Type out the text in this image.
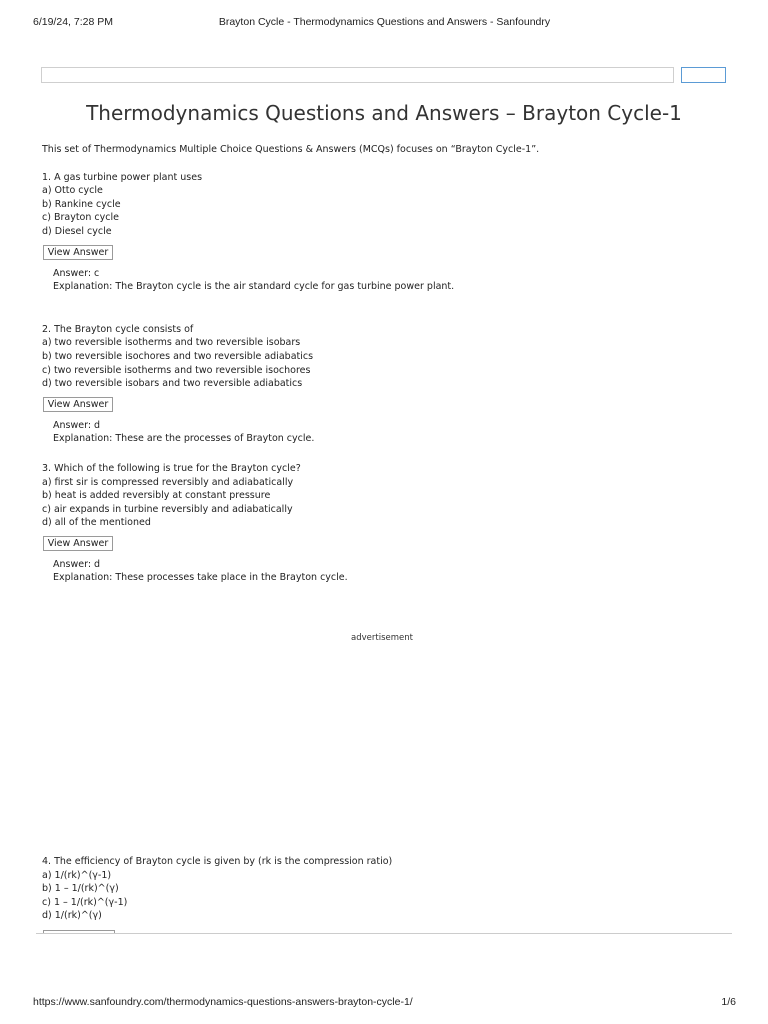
6/19/24, 7:28 PM	Brayton Cycle - Thermodynamics Questions and Answers - Sanfoundry
Thermodynamics Questions and Answers – Brayton Cycle-1

This set of Thermodynamics Multiple Choice Questions & Answers (MCQs) focuses on “Brayton Cycle-1”.

1. A gas turbine power plant uses
a) Otto cycle
b) Rankine cycle
c) Brayton cycle
d) Diesel cycle
View Answer
Answer: c
Explanation: The Brayton cycle is the air standard cycle for gas turbine power plant.
2. The Brayton cycle consists of
a) two reversible isotherms and two reversible isobars
b) two reversible isochores and two reversible adiabatics
c) two reversible isotherms and two reversible isochores
d) two reversible isobars and two reversible adiabatics
View Answer
Answer: d
Explanation: These are the processes of Brayton cycle.
3. Which of the following is true for the Brayton cycle?
a) first sir is compressed reversibly and adiabatically
b) heat is added reversibly at constant pressure
c) air expands in turbine reversibly and adiabatically
d) all of the mentioned
View Answer
Answer: d
Explanation: These processes take place in the Brayton cycle.
advertisement
4. The efficiency of Brayton cycle is given by (rk is the compression ratio)
a) 1/(rk)^(γ-1)
b) 1 – 1/(rk)^(γ)
c) 1 – 1/(rk)^(γ-1)
d) 1/(rk)^(γ)
https://www.sanfoundry.com/thermodynamics-questions-answers-brayton-cycle-1/	1/6
